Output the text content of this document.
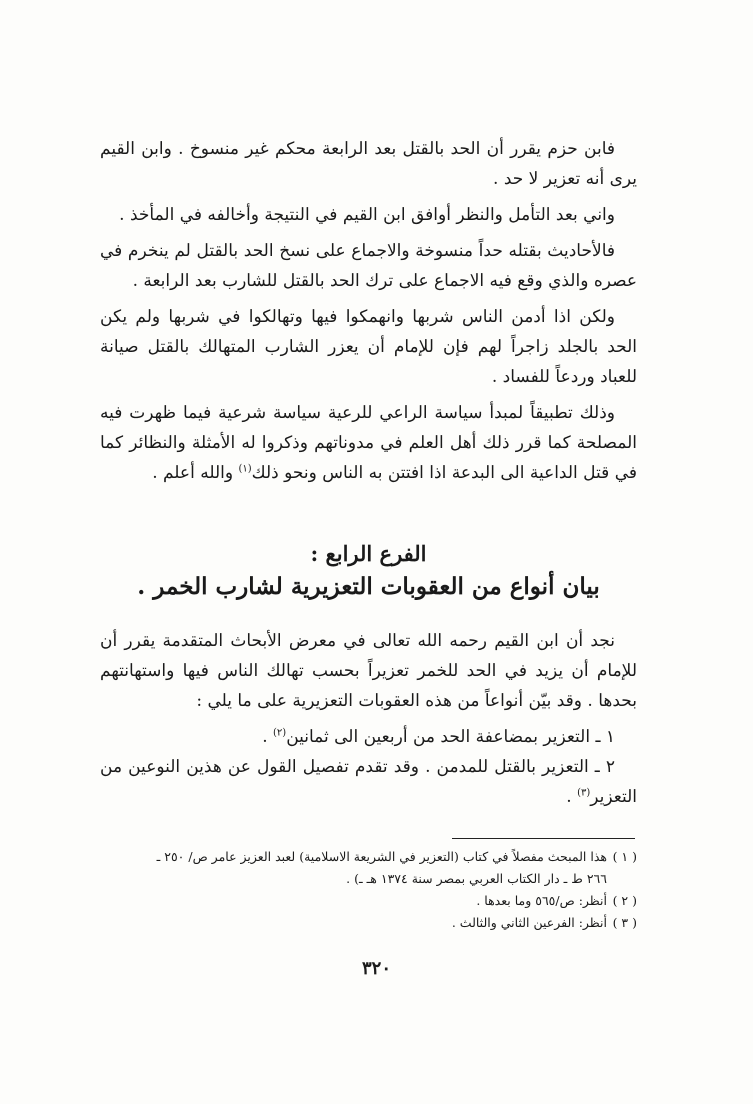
فابن حزم يقرر أن الحد بالقتل بعد الرابعة محكم غير منسوخ . وابن القيم يرى أنه تعزير لا حد .

واني بعد التأمل والنظر أوافق ابن القيم في النتيجة وأخالفه في المأخذ .

فالأحاديث بقتله حداً منسوخة والاجماع على نسخ الحد بالقتل لم ينخرم في عصره والذي وقع فيه الاجماع على ترك الحد بالقتل للشارب بعد الرابعة .

ولكن اذا أدمن الناس شربها وانهمكوا فيها وتهالكوا في شربها ولم يكن الحد بالجلد زاجراً لهم فإن للإمام أن يعزر الشارب المتهالك بالقتل صيانة للعباد وردعاً للفساد .

وذلك تطبيقاً لمبدأ سياسة الراعي للرعية سياسة شرعية فيما ظهرت فيه المصلحة كما قرر ذلك أهل العلم في مدوناتهم وذكروا له الأمثلة والنظائر كما في قتل الداعية الى البدعة اذا افتتن به الناس ونحو ذلك$^{(١)}$ والله أعلم .

الفرع الرابع :
بيان أنواع من العقوبات التعزيرية لشارب الخمر .

نجد أن ابن القيم رحمه الله تعالى في معرض الأبحاث المتقدمة يقرر أن للإمام أن يزيد في الحد للخمر تعزيراً بحسب تهالك الناس فيها واستهانتهم بحدها . وقد بيّن أنواعاً من هذه العقوبات التعزيرية على ما يلي :

١ ـ التعزير بمضاعفة الحد من أربعين الى ثمانين$^{(٢)}$ .

٢ ـ التعزير بالقتل للمدمن . وقد تقدم تفصيل القول عن هذين النوعين من التعزير$^{(٣)}$ .

( ١ ) هذا المبحث مفصلاً في كتاب (التعزير في الشريعة الاسلامية) لعبد العزيز عامر ص/ ٢٥٠ ـ

٢٦٦ ط ـ دار الكتاب العربي بمصر سنة ١٣٧٤ هـ ـ) .

( ٢ ) أنظر: ص/٥٦٥ وما بعدها .

( ٣ ) أنظر: الفرعين الثاني والثالث .

٣٢٠
